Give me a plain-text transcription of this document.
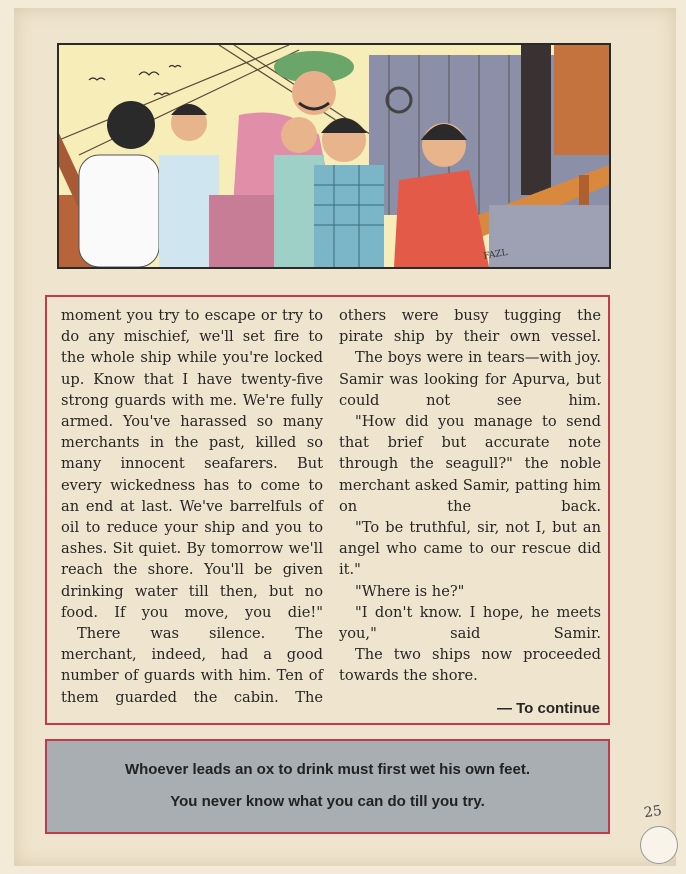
FAZL

moment you try to escape or try to do any mischief, we'll set fire to the whole ship while you're locked up. Know that I have twenty-five strong guards with me. We're fully armed. You've harassed so many merchants in the past, killed so many innocent seafarers. But every wickedness has to come to an end at last. We've barrelfuls of oil to reduce your ship and you to ashes. Sit quiet. By tomorrow we'll reach the shore. You'll be given drinking water till then, but no food. If you move, you die!"

There was silence. The merchant, indeed, had a good number of guards with him. Ten of them guarded the cabin. The

others were busy tugging the pirate ship by their own vessel.

The boys were in tears—with joy. Samir was looking for Apurva, but could not see him.

"How did you manage to send that brief but accurate note through the seagull?" the noble merchant asked Samir, patting him on the back.

"To be truthful, sir, not I, but an angel who came to our rescue did it."

"Where is he?"

"I don't know. I hope, he meets you," said Samir.

The two ships now proceeded towards the shore.

— To continue
Whoever leads an ox to drink must first wet his own feet.
You never know what you can do till you try.
25
